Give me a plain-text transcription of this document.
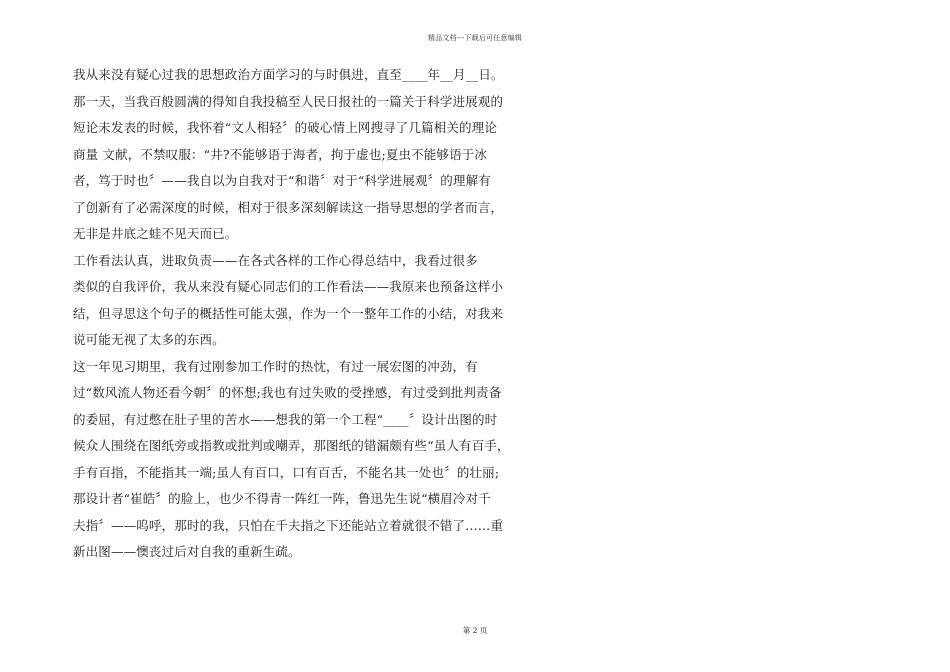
精品文档---下载后可任意编辑
我从来没有疑心过我的思想政治方面学习的与时俱进，直至____年__月__日。
那一天，当我百般圆满的得知自我投稿至人民日报社的一篇关于科学进展观的
短论未发表的时候，我怀着“文人相轻〞的破心情上网搜寻了几篇相关的理论
商量 文献，不禁叹服：“井?不能够语于海者，拘于虚也;夏虫不能够语于冰
者，笃于时也〞——我自以为自我对于“和谐〞对于“科学进展观〞的理解有
了创新有了必需深度的时候，相对于很多深刻解读这一指导思想的学者而言，
无非是井底之蛙不见天而已。
工作看法认真，进取负责——在各式各样的工作心得总结中，我看过很多
类似的自我评价，我从来没有疑心同志们的工作看法——我原来也预备这样小
结，但寻思这个句子的概括性可能太强，作为一个一整年工作的小结，对我来
说可能无视了太多的东西。
这一年见习期里，我有过刚参加工作时的热忱，有过一展宏图的冲劲，有
过“数风流人物还看今朝〞的怀想;我也有过失败的受挫感，有过受到批判责备
的委屈，有过憋在肚子里的苦水——想我的第一个工程“____〞设计出图的时
候众人围绕在图纸旁或指教或批判或嘲弄，那图纸的错漏颇有些“虽人有百手，
手有百指，不能指其一端;虽人有百口，口有百舌，不能名其一处也〞的壮丽;
那设计者“崔皓〞的脸上，也少不得青一阵红一阵，鲁迅先生说“横眉冷对千
夫指〞——呜呼，那时的我，只怕在千夫指之下还能站立着就很不错了……重
新出图——懊丧过后对自我的重新生疏。
第 2 页
